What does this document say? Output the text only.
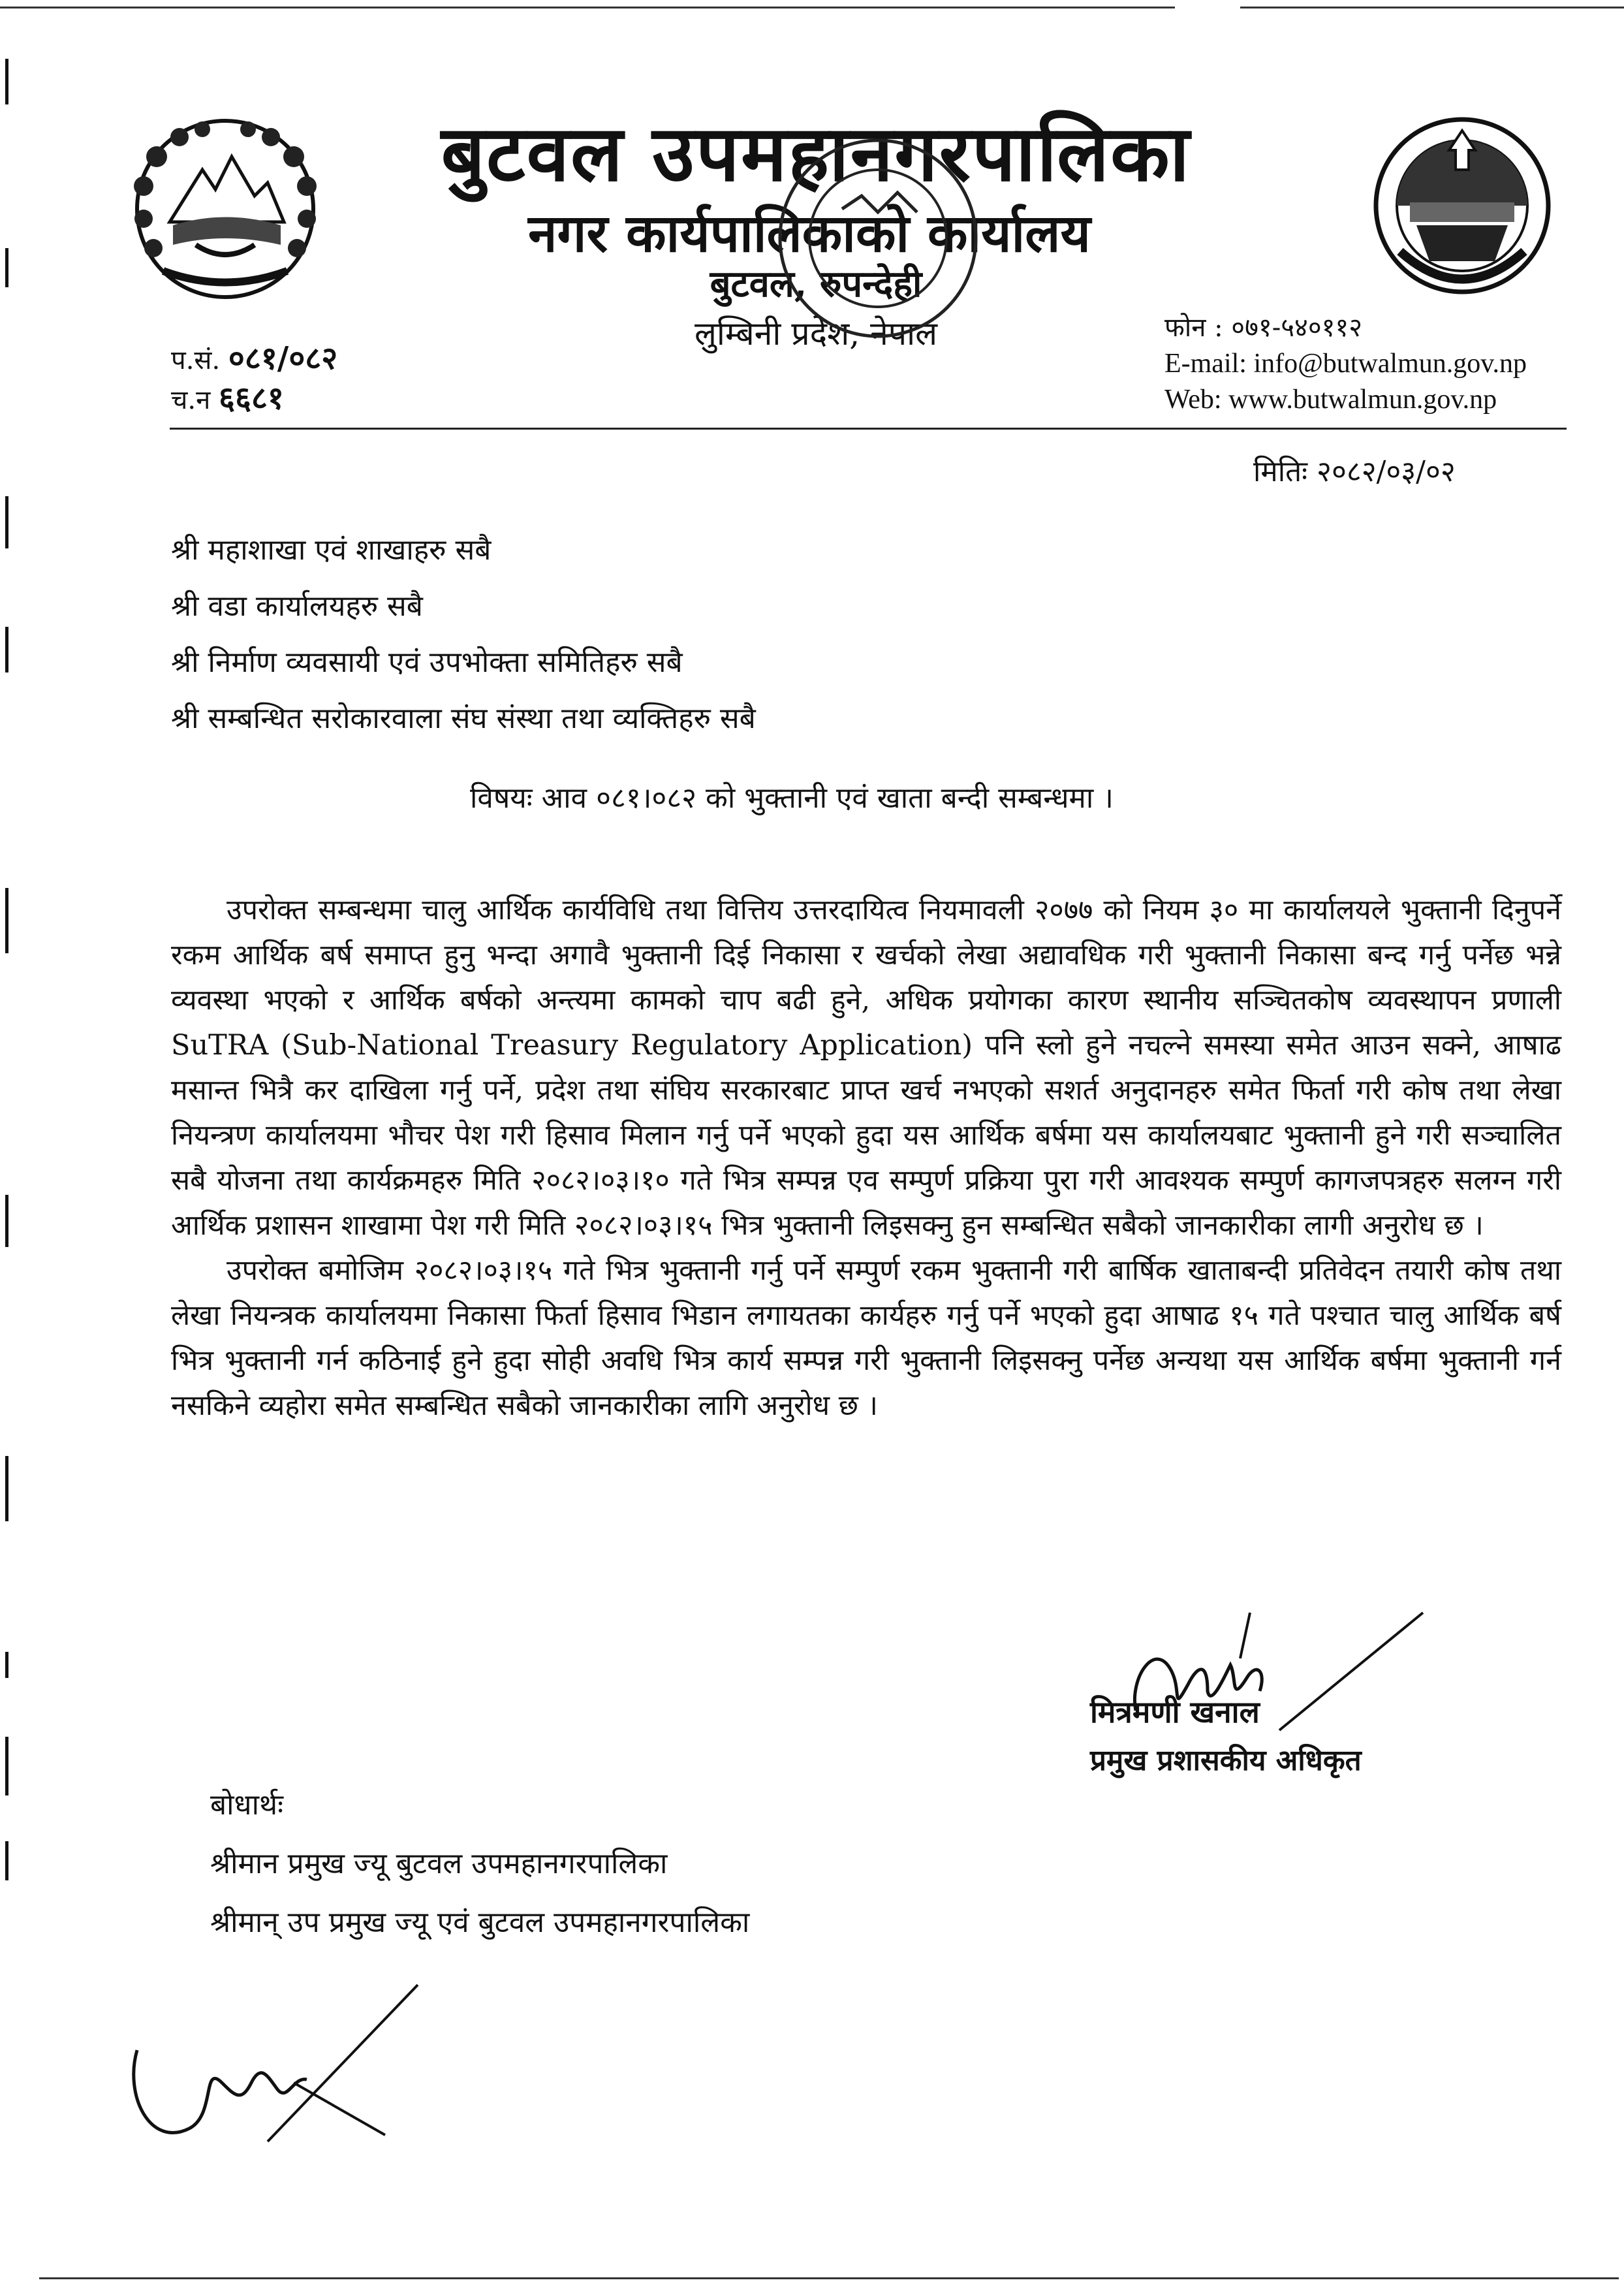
बुटवल उपमहानगरपालिका
नगर कार्यपालिकाको कार्यालय
बुटवल, रुपन्देही
लुम्बिनी प्रदेश, नेपाल
प.सं. ०८१/०८२
च.न ६६८१
फोन : ०७१-५४०११२
E-mail: info@butwalmun.gov.np
Web: www.butwalmun.gov.np
मितिः २०८२/०३/०२
श्री महाशाखा एवं शाखाहरु सबै
श्री वडा कार्यालयहरु सबै
श्री निर्माण व्यवसायी एवं उपभोक्ता समितिहरु सबै
श्री सम्बन्धित सरोकारवाला संघ संस्था तथा व्यक्तिहरु सबै
विषयः आव ०८१।०८२ को भुक्तानी एवं खाता बन्दी सम्बन्धमा ।

उपरोक्त सम्बन्धमा चालु आर्थिक कार्यविधि तथा वित्तिय उत्तरदायित्व नियमावली २०७७ को नियम ३० मा कार्यालयले भुक्तानी दिनुपर्ने रकम आर्थिक बर्ष समाप्त हुनु भन्दा अगावै भुक्तानी दिई निकासा र खर्चको लेखा अद्यावधिक गरी भुक्तानी निकासा बन्द गर्नु पर्नेछ भन्ने व्यवस्था भएको र आर्थिक बर्षको अन्त्यमा कामको चाप बढी हुने, अधिक प्रयोगका कारण स्थानीय सञ्चितकोष व्यवस्थापन प्रणाली SuTRA (Sub-National Treasury Regulatory Application) पनि स्लो हुने नचल्ने समस्या समेत आउन सक्ने, आषाढ मसान्त भित्रै कर दाखिला गर्नु पर्ने, प्रदेश तथा संघिय सरकारबाट प्राप्त खर्च नभएको सशर्त अनुदानहरु समेत फिर्ता गरी कोष तथा लेखा नियन्त्रण कार्यालयमा भौचर पेश गरी हिसाव मिलान गर्नु पर्ने भएको हुदा यस आर्थिक बर्षमा यस कार्यालयबाट भुक्तानी हुने गरी सञ्चालित सबै योजना तथा कार्यक्रमहरु मिति २०८२।०३।१० गते भित्र सम्पन्न एव सम्पुर्ण प्रक्रिया पुरा गरी आवश्यक सम्पुर्ण कागजपत्रहरु सलग्न गरी आर्थिक प्रशासन शाखामा पेश गरी मिति २०८२।०३।१५ भित्र भुक्तानी लिइसक्नु हुन सम्बन्धित सबैको जानकारीका लागी अनुरोध छ ।

उपरोक्त बमोजिम २०८२।०३।१५ गते भित्र भुक्तानी गर्नु पर्ने सम्पुर्ण रकम भुक्तानी गरी बार्षिक खाताबन्दी प्रतिवेदन तयारी कोष तथा लेखा नियन्त्रक कार्यालयमा निकासा फिर्ता हिसाव भिडान लगायतका कार्यहरु गर्नु पर्ने भएको हुदा आषाढ १५ गते पश्चात चालु आर्थिक बर्ष भित्र भुक्तानी गर्न कठिनाई हुने हुदा सोही अवधि भित्र कार्य सम्पन्न गरी भुक्तानी लिइसक्नु पर्नेछ अन्यथा यस आर्थिक बर्षमा भुक्तानी गर्न नसकिने व्यहोरा समेत सम्बन्धित सबैको जानकारीका लागि अनुरोध छ ।

मित्रमणी खनाल
प्रमुख प्रशासकीय अधिकृत
बोधार्थः
श्रीमान प्रमुख ज्यू बुटवल उपमहानगरपालिका
श्रीमान् उप प्रमुख ज्यू एवं बुटवल उपमहानगरपालिका
